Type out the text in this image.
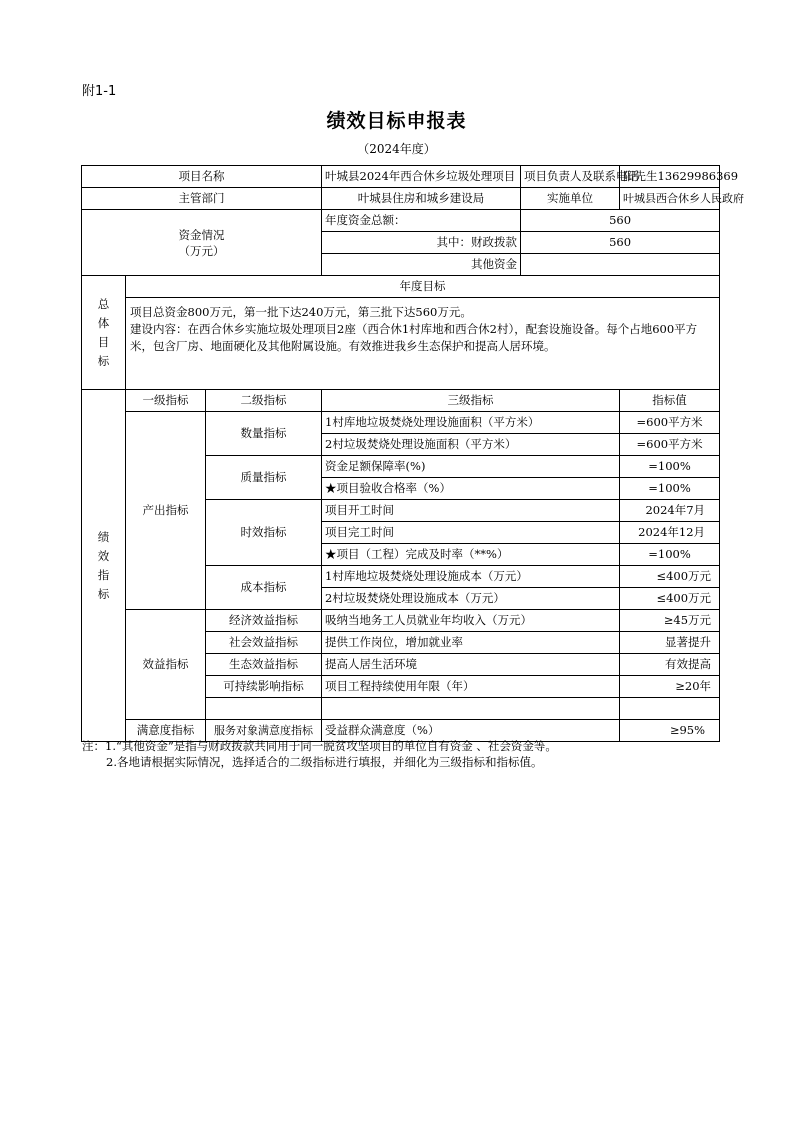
附1-1
绩效目标申报表
（2024年度）
项目名称			叶城县2024年西合休乡垃圾处理项目	项目负责人及联系电话	阳先生13629986369
主管部门			叶城县住房和城乡建设局	实施单位	叶城县西合休乡人民政府
资金情况
（万元）			年度资金总额：	560	
			其中：财政拨款	560	
			其他资金		

总
体
目
标	年度目标				

	项目总资金800万元，第一批下达240万元，第三批下达560万元。
建设内容：在西合休乡实施垃圾处理项目2座（西合休1村库地和西合休2村），配套设施设备。每个占地600平方米，包含厂房、地面硬化及其他附属设施。有效推进我乡生态保护和提高人居环境。				

绩
效
指
标	一级指标	二级指标	三级指标		指标值
	产出指标	数量指标	1村库地垃圾焚烧处理设施面积（平方米）		=600平方米
			2村垃圾焚烧处理设施面积（平方米）		=600平方米
		质量指标	资金足额保障率(%)		=100%
			★项目验收合格率（%）		=100%
		时效指标	项目开工时间		2024年7月
			项目完工时间		2024年12月
			★项目（工程）完成及时率（**%）		=100%
		成本指标	1村库地垃圾焚烧处理设施成本（万元）		≤400万元
			2村垃圾焚烧处理设施成本（万元）		≤400万元
	效益指标	经济效益指标	吸纳当地务工人员就业年均收入（万元）		≥45万元
		社会效益指标	提供工作岗位，增加就业率		显著提升
		生态效益指标	提高人居生活环境		有效提高
		可持续影响指标	项目工程持续使用年限（年）		≥20年

	满意度指标	服务对象满意度指标	受益群众满意度（%）		≥95%
注：1.“其他资金”是指与财政拨款共同用于同一脱贫攻坚项目的单位自有资金 、社会资金等。
2.各地请根据实际情况，选择适合的二级指标进行填报，并细化为三级指标和指标值。
